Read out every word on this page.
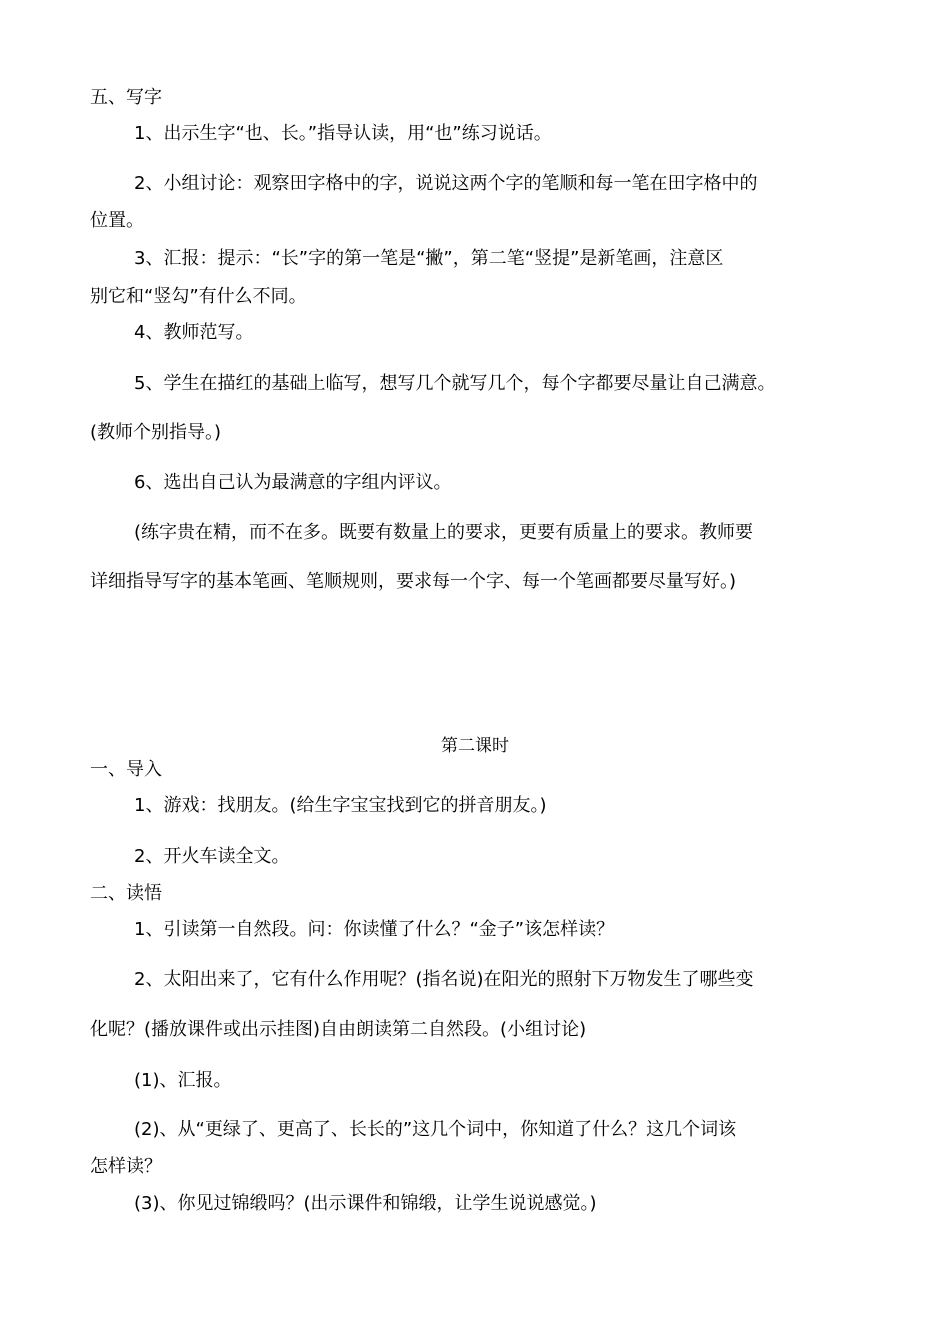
五、写字
1、出示生字“也、长。”指导认读，用“也”练习说话。
2、小组讨论：观察田字格中的字，说说这两个字的笔顺和每一笔在田字格中的
位置。
3、汇报：提示：“长”字的第一笔是“撇”，第二笔“竖提”是新笔画，注意区
别它和“竖勾”有什么不同。
4、教师范写。
5、学生在描红的基础上临写，想写几个就写几个，每个字都要尽量让自己满意。
(教师个别指导。)
6、选出自己认为最满意的字组内评议。
(练字贵在精，而不在多。既要有数量上的要求，更要有质量上的要求。教师要
详细指导写字的基本笔画、笔顺规则，要求每一个字、每一个笔画都要尽量写好。)
第二课时
一、导入
1、游戏：找朋友。(给生字宝宝找到它的拼音朋友。)
2、开火车读全文。
二、读悟
1、引读第一自然段。问：你读懂了什么？“金子”该怎样读？
2、太阳出来了，它有什么作用呢？(指名说)在阳光的照射下万物发生了哪些变
化呢？(播放课件或出示挂图)自由朗读第二自然段。(小组讨论)
(1)、汇报。
(2)、从“更绿了、更高了、长长的”这几个词中，你知道了什么？这几个词该
怎样读？
(3)、你见过锦缎吗？(出示课件和锦缎，让学生说说感觉。)
